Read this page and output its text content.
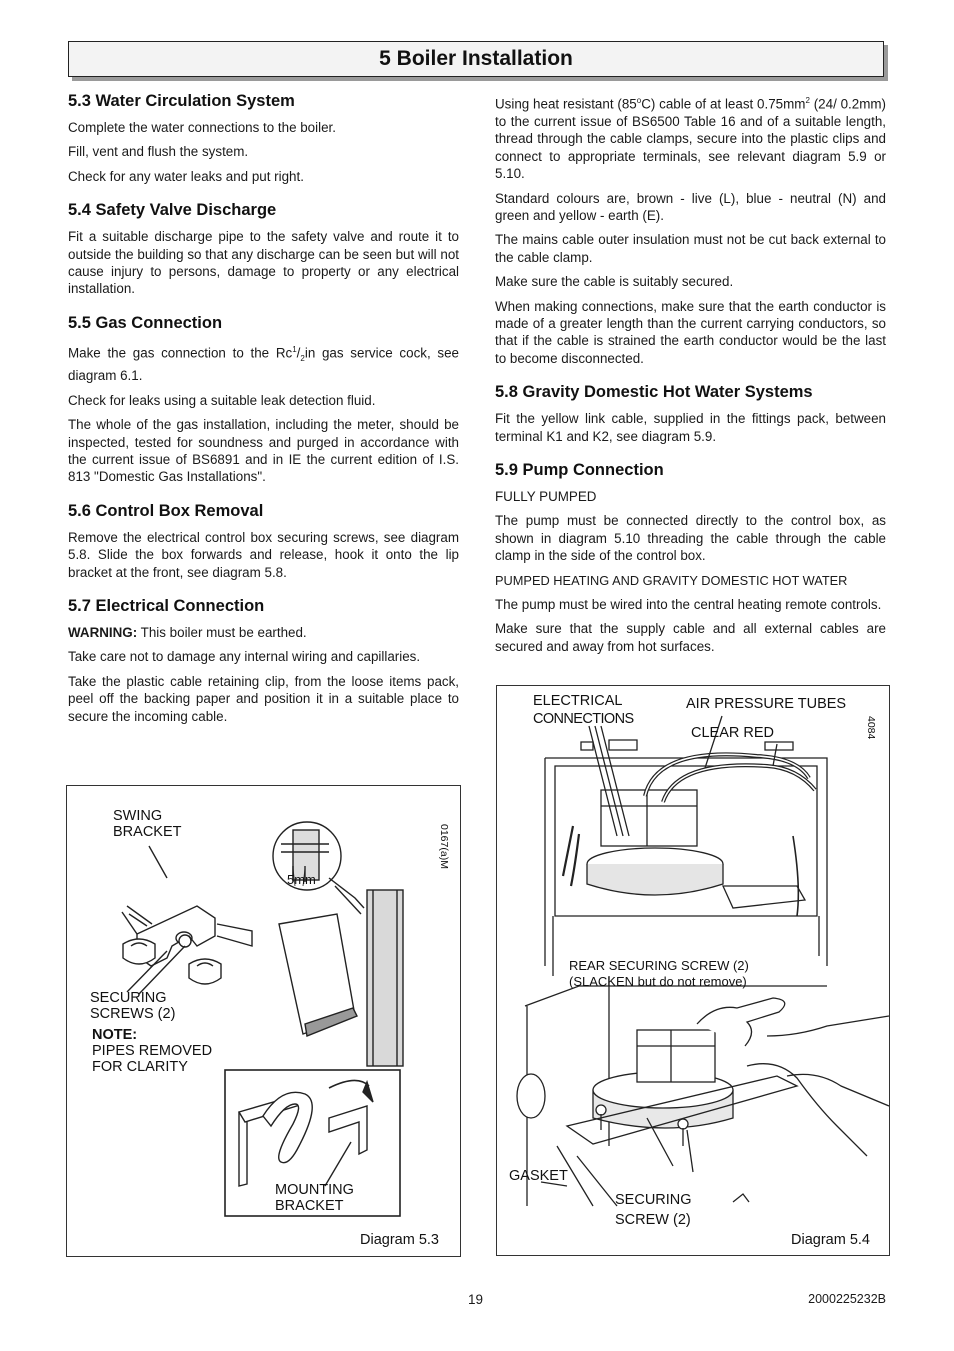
5 Boiler Installation
5.3 Water Circulation System

Complete the water connections to the boiler.

Fill, vent and flush the system.

Check for any water leaks and put right.

5.4 Safety Valve Discharge

Fit a suitable discharge pipe to the safety valve and route it to outside the building so that any discharge can be seen but will not cause injury to persons, damage to property or any electrical installation.

5.5 Gas Connection

Make the gas connection to the $Rc^1/_2in$ gas service cock, see diagram 6.1.

Check for leaks using a suitable leak detection fluid.

The whole of the gas installation, including the meter, should be inspected, tested for soundness and purged in accordance with the current issue of BS6891 and in IE the current edition of I.S. 813 "Domestic Gas Installations".

5.6 Control Box Removal

Remove the electrical control box securing screws, see diagram 5.8. Slide the box forwards and release, hook it onto the lip bracket at the front, see diagram 5.8.

5.7 Electrical Connection

WARNING: This boiler must be earthed.

Take care not to damage any internal wiring and capillaries.

Take the plastic cable retaining clip, from the loose items pack, peel off the backing paper and position it in a suitable place to secure the incoming cable.

Using heat resistant (85$^o$C) cable of at least $0.75mm^2$ (24/ 0.2mm) to the current issue of BS6500 Table 16 and of a suitable length, thread through the cable clamps, secure into the plastic clips and connect to appropriate terminals, see relevant diagram 5.9 or 5.10.

Standard colours are, brown - live (L), blue - neutral (N) and green and yellow - earth (E).

The mains cable outer insulation must not be cut back external to the cable clamp.

Make sure the cable is suitably secured.

When making connections, make sure that the earth conductor is made of a greater length than the current carrying conductors, so that if the cable is strained the earth conductor would be the last to become disconnected.

5.8 Gravity Domestic Hot Water Systems

Fit the yellow link cable, supplied in the fittings pack, between terminal K1 and K2, see diagram 5.9.

5.9 Pump Connection

FULLY PUMPED

The pump must be connected directly to the control box, as shown in diagram 5.10 threading the cable through the cable clamp in the side of the control box.

PUMPED HEATING AND GRAVITY DOMESTIC HOT WATER

The pump must be wired into the central heating remote controls.

Make sure that the supply cable and all external cables are secured and away from hot surfaces.

0167(a)M
SWING
BRACKET
5mm
SECURING
SCREWS (2)
NOTE:
PIPES REMOVED
FOR CLARITY
MOUNTING
BRACKET
Diagram 5.3
4084
ELECTRICAL
CONNECTIONS
AIR PRESSURE TUBES
CLEAR RED
REAR SECURING SCREW (2)
(SLACKEN but do not remove)
GASKET
SECURING
SCREW (2)
Diagram 5.4
19	2000225232B
